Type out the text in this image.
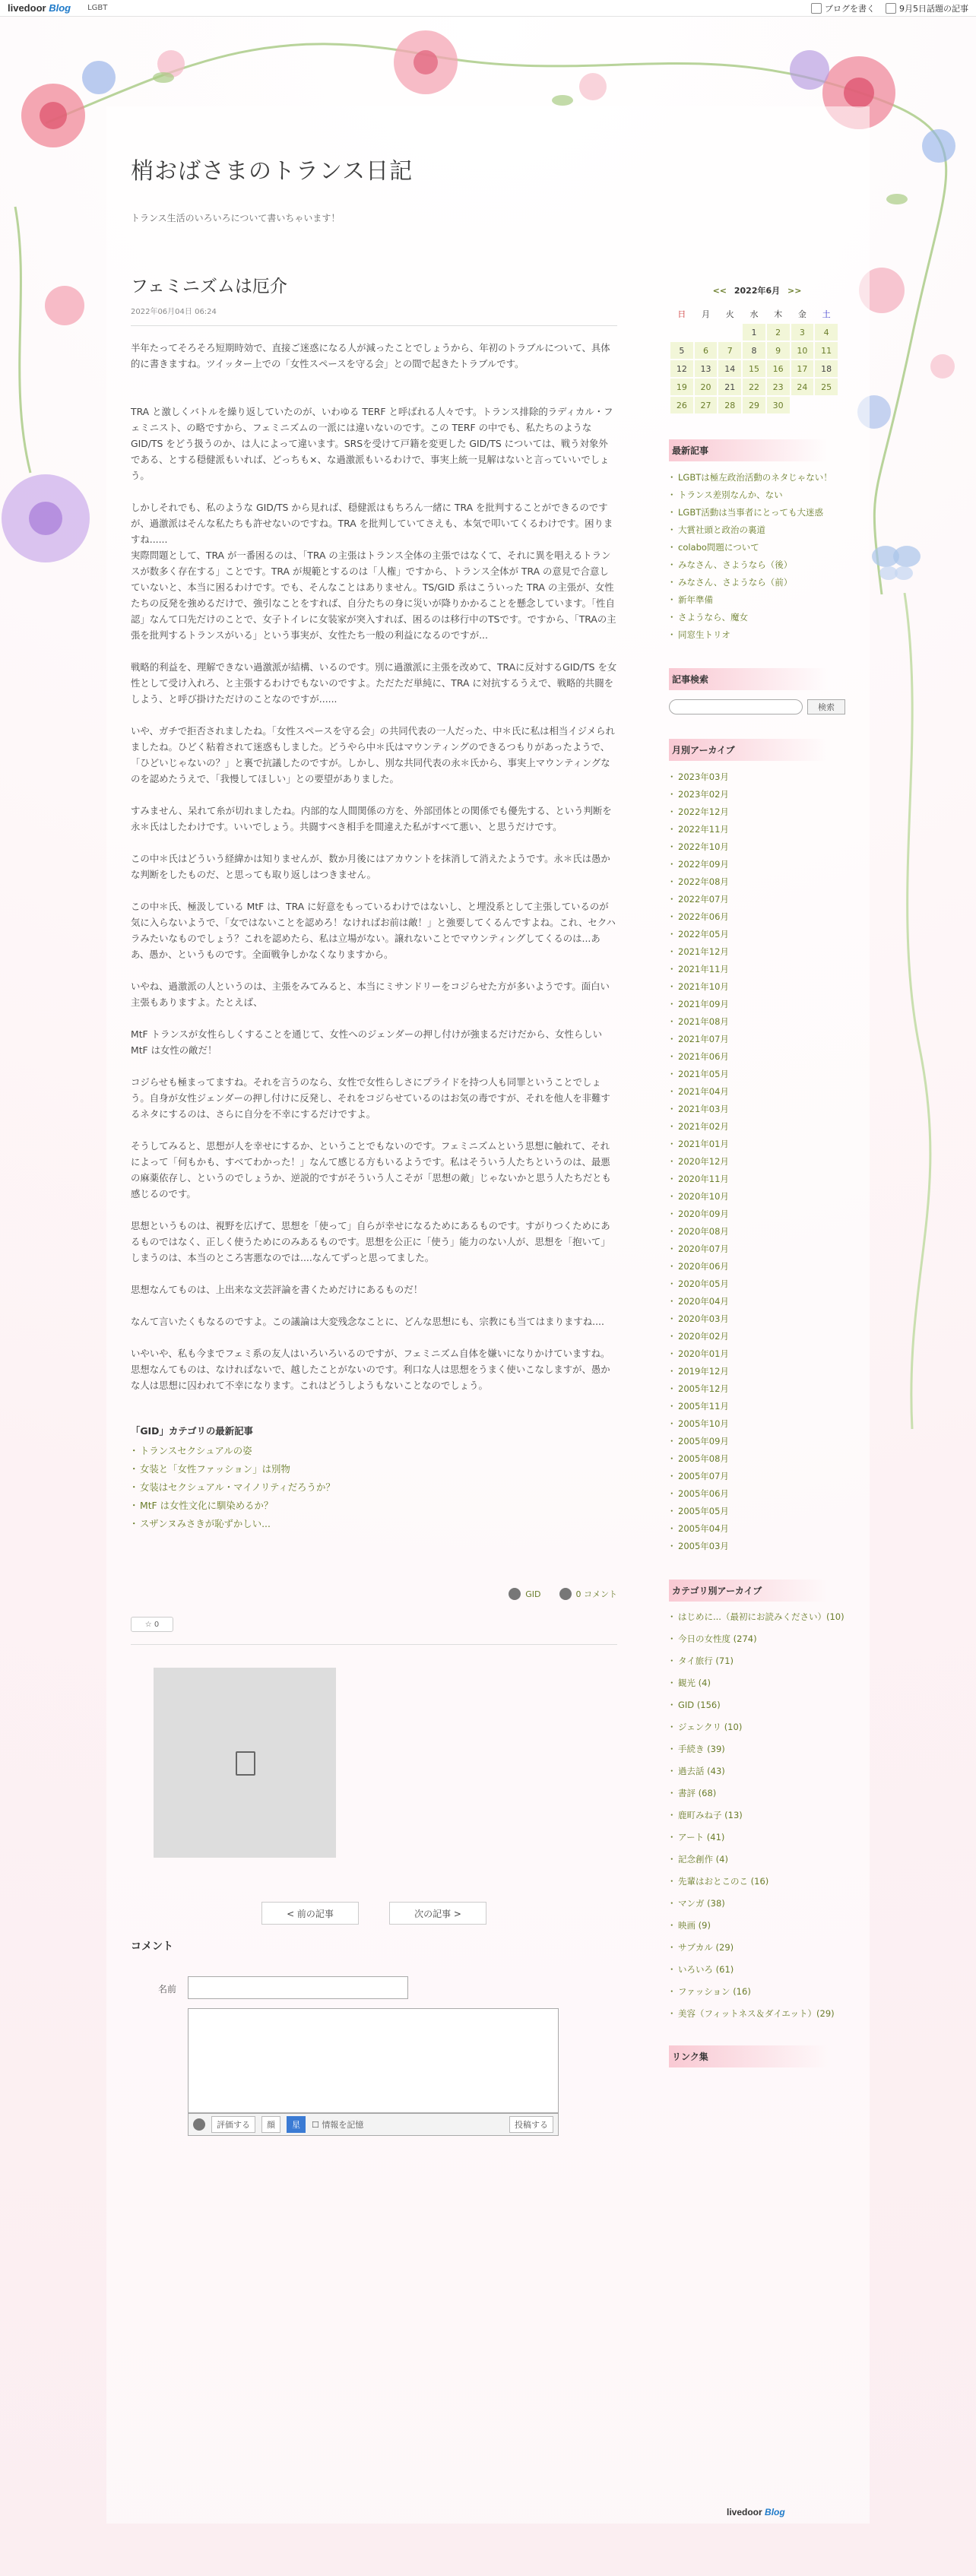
livedoor Blog LGBT	ブログを書く	9月5日話題の記事
梢おばさまのトランス日記
トランス生活のいろいろについて書いちゃいます！
フェミニズムは厄介
2022年06月04日 06:24

半年たってそろそろ短期時効で、直接ご迷惑になる人が減ったことでしょうから、年初のトラブルについて、具体的に書きますね。ツイッター上での「女性スペースを守る会」との間で起きたトラブルです。

TRA と激しくバトルを繰り返していたのが、いわゆる TERF と呼ばれる人々です。トランス排除的ラディカル・フェミニスト、の略ですから、フェミニズムの一派には違いないのです。この TERF の中でも、私たちのような GID/TS をどう扱うのか、は人によって違います。SRSを受けて戸籍を変更した GID/TS については、戦う対象外である、とする穏健派もいれば、どっちも×、な過激派もいるわけで、事実上統一見解はないと言っていいでしょう。

しかしそれでも、私のような GID/TS から見れば、穏健派はもちろん一緒に TRA を批判することができるのですが、過激派はそんな私たちも許せないのですね。TRA を批判していてさえも、本気で叩いてくるわけです。困りますね......
実際問題として、TRA が一番困るのは、「TRA の主張はトランス全体の主張ではなくて、それに異を唱えるトランスが数多く存在する」ことです。TRA が規範とするのは「人権」ですから、トランス全体が TRA の意見で合意していないと、本当に困るわけです。でも、そんなことはありません。TS/GID 系はこういった TRA の主張が、女性たちの反発を強めるだけで、強引なことをすれば、自分たちの身に災いが降りかかることを懸念しています。「性自認」なんて口先だけのことで、女子トイレに女装家が突入すれば、困るのは移行中のTSです。ですから、「TRAの主張を批判するトランスがいる」という事実が、女性たち一般の利益になるのですが...

戦略的利益を、理解できない過激派が結構、いるのです。別に過激派に主張を改めて、TRAに反対するGID/TS を女性として受け入れろ、と主張するわけでもないのですよ。ただただ単純に、TRA に対抗するうえで、戦略的共闘をしよう、と呼び掛けただけのことなのですが......

いや、ガチで拒否されましたね。「女性スペースを守る会」の共同代表の一人だった、中＊氏に私は相当イジメられましたね。ひどく粘着されて迷惑もしました。どうやら中＊氏はマウンティングのできるつもりがあったようで、「ひどいじゃないの？」と裏で抗議したのですが。しかし、別な共同代表の永＊氏から、事実上マウンティングなのを認めたうえで、「我慢してほしい」との要望がありました。

すみません、呆れて糸が切れましたね。内部的な人間関係の方を、外部団体との関係でも優先する、という判断を永＊氏はしたわけです。いいでしょう。共闘すべき相手を間違えた私がすべて悪い、と思うだけです。

この中＊氏はどういう経緯かは知りませんが、数か月後にはアカウントを抹消して消えたようです。永＊氏は愚かな判断をしたものだ、と思っても取り返しはつきません。

この中＊氏、極汲している MtF は、TRA に好意をもっているわけではないし、と埋没系として主張しているのが気に入らないようで、「女ではないことを認めろ！なければお前は敵！」と強要してくるんですよね。これ、セクハラみたいなものでしょう？これを認めたら、私は立場がない。譲れないことでマウンティングしてくるのは...ああ、愚か、というものです。全面戦争しかなくなりますから。

いやね、過激派の人というのは、主張をみてみると、本当にミサンドリーをコジらせた方が多いようです。面白い主張もありますよ。たとえば、

MtF トランスが女性らしくすることを通じて、女性へのジェンダーの押し付けが強まるだけだから、女性らしい MtF は女性の敵だ！

コジらせも極まってますね。それを言うのなら、女性で女性らしさにプライドを持つ人も同罪ということでしょう。自身が女性ジェンダーの押し付けに反発し、それをコジらせているのはお気の毒ですが、それを他人を非難するネタにするのは、さらに自分を不幸にするだけですよ。

そうしてみると、思想が人を幸せにするか、ということでもないのです。フェミニズムという思想に触れて、それによって「何もかも、すべてわかった！」なんて感じる方もいるようです。私はそういう人たちというのは、最悪の麻薬依存し、というのでしょうか、逆説的ですがそういう人こそが「思想の敵」じゃないかと思う人たちだとも感じるのです。

思想というものは、視野を広げて、思想を「使って」自らが幸せになるためにあるものです。すがりつくためにあるものではなく、正しく使うためにのみあるものです。思想を公正に「使う」能力のない人が、思想を「抱いて」しまうのは、本当のところ害悪なのでは....なんてずっと思ってました。

思想なんてものは、上出来な文芸評論を書くためだけにあるものだ！

なんて言いたくもなるのですよ。この議論は大変残念なことに、どんな思想にも、宗教にも当てはまりますね....

いやいや、私も今までフェミ系の友人はいろいろいるのですが、フェミニズム自体を嫌いになりかけていますね。思想なんてものは、なければないで、越したことがないのです。利口な人は思想をうまく使いこなしますが、愚かな人は思想に囚われて不幸になります。これはどうしようもないことなのでしょう。

「GID」カテゴリの最新記事
・ トランスセクシュアルの姿
・ 女装と「女性ファッション」は別物
・ 女装はセクシュアル・マイノリティだろうか？
・ MtF は女性文化に馴染めるか？
・ スザンヌみさきが恥ずかしい...
GID	0 コメント
☆ 0
< 前の記事	次の記事 >
コメント
名前
評価する	顔	星	☐ 情報を記憶	投稿する
<< 2022年6月 >>
日	月	火	水	木	金	土
			1	2	3	4
5	6	7	8	9	10	11
12	13	14	15	16	17	18
19	20	21	22	23	24	25
26	27	28	29	30		
最新記事
・ LGBTは極左政治活動のネタじゃない！
・ トランス差別なんか、ない
・ LGBT活動は当事者にとっても大迷惑
・ 大賞社頭と政治の裏道
・ colabo問題について
・ みなさん、さようなら（後）
・ みなさん、さようなら（前）
・ 新年準備
・ さようなら、魔女
・ 同窓生トリオ
記事検索
検索
月別アーカイブ
・ 2023年03月
・ 2023年02月
・ 2022年12月
・ 2022年11月
・ 2022年10月
・ 2022年09月
・ 2022年08月
・ 2022年07月
・ 2022年06月
・ 2022年05月
・ 2021年12月
・ 2021年11月
・ 2021年10月
・ 2021年09月
・ 2021年08月
・ 2021年07月
・ 2021年06月
・ 2021年05月
・ 2021年04月
・ 2021年03月
・ 2021年02月
・ 2021年01月
・ 2020年12月
・ 2020年11月
・ 2020年10月
・ 2020年09月
・ 2020年08月
・ 2020年07月
・ 2020年06月
・ 2020年05月
・ 2020年04月
・ 2020年03月
・ 2020年02月
・ 2020年01月
・ 2019年12月
・ 2005年12月
・ 2005年11月
・ 2005年10月
・ 2005年09月
・ 2005年08月
・ 2005年07月
・ 2005年06月
・ 2005年05月
・ 2005年04月
・ 2005年03月
カテゴリ別アーカイブ
・ はじめに...（最初にお読みください）(10)
・ 今日の女性度 (274)
・ タイ旅行 (71)
・ 観光 (4)
・ GID (156)
・ ジェンクリ (10)
・ 手続き (39)
・ 過去話 (43)
・ 書評 (68)
・ 鹿町みね子 (13)
・ アート (41)
・ 記念創作 (4)
・ 先輩はおとこのこ (16)
・ マンガ (38)
・ 映画 (9)
・ サブカル (29)
・ いろいろ (61)
・ ファッション (16)
・ 美容（フィットネス＆ダイエット）(29)
リンク集
livedoor Blog
